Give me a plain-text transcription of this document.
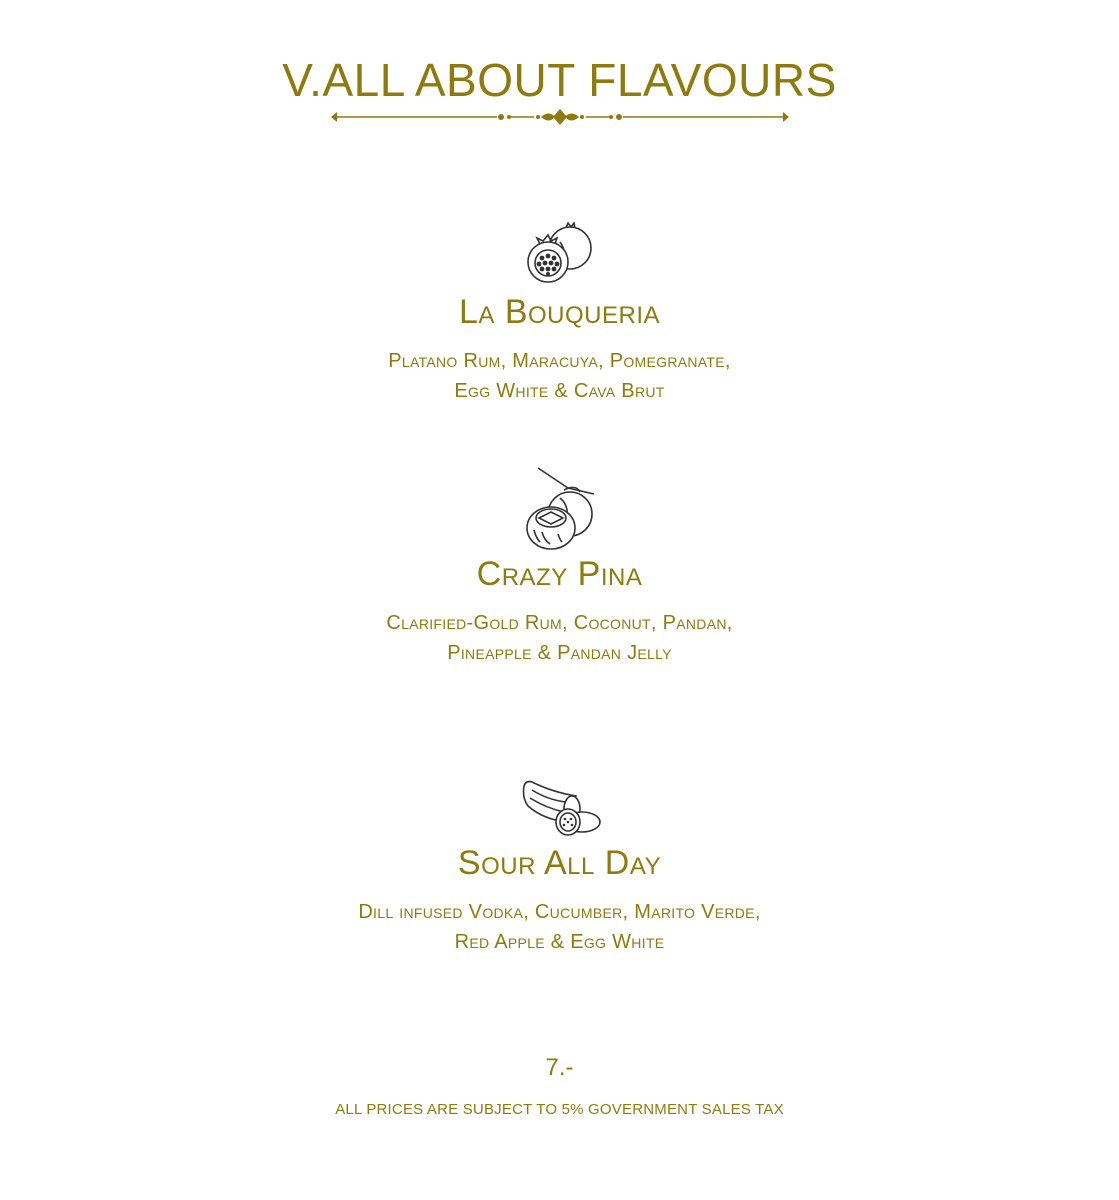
V.ALL ABOUT FLAVOURS
La Bouqueria
Platano Rum, Maracuya, Pomegranate,
Egg White & Cava Brut
Crazy Pina
Clarified-Gold Rum, Coconut, Pandan,
Pineapple & Pandan Jelly
Sour All Day
Dill infused Vodka, Cucumber, Marito Verde,
Red Apple & Egg White
7.-
ALL PRICES ARE SUBJECT TO 5% GOVERNMENT SALES TAX
